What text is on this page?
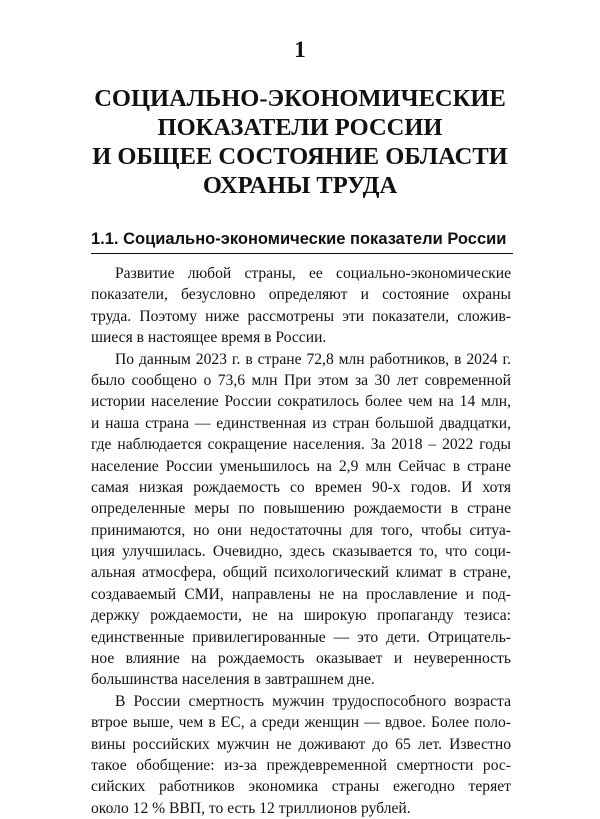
1
СОЦИАЛЬНО-ЭКОНОМИЧЕСКИЕ
ПОКАЗАТЕЛИ РОССИИ
И ОБЩЕЕ СОСТОЯНИЕ ОБЛАСТИ
ОХРАНЫ ТРУДА
1.1. Социально-экономические показатели России
Развитие любой страны, ее социально-экономические
показатели, безусловно определяют и состояние охраны
труда. Поэтому ниже рассмотрены эти показатели, сложив-
шиеся в настоящее время в России.
По данным 2023 г. в стране 72,8 млн работников, в 2024 г.
было сообщено о 73,6 млн При этом за 30 лет современной
истории население России сократилось более чем на 14 млн,
и наша страна — единственная из стран большой двадцатки,
где наблюдается сокращение населения. За 2018 – 2022 годы
население России уменьшилось на 2,9 млн Сейчас в стране
самая низкая рождаемость со времен 90-х годов. И хотя
определенные меры по повышению рождаемости в стране
принимаются, но они недостаточны для того, чтобы ситуа-
ция улучшилась. Очевидно, здесь сказывается то, что соци-
альная атмосфера, общий психологический климат в стране,
создаваемый СМИ, направлены не на прославление и под-
держку рождаемости, не на широкую пропаганду тезиса:
единственные привилегированные — это дети. Отрицатель-
ное влияние на рождаемость оказывает и неуверенность
большинства населения в завтрашнем дне.
В России смертность мужчин трудоспособного возраста
втрое выше, чем в ЕС, а среди женщин — вдвое. Более поло-
вины российских мужчин не доживают до 65 лет. Известно
такое обобщение: из-за преждевременной смертности рос-
сийских работников экономика страны ежегодно теряет
около 12 % ВВП, то есть 12 триллионов рублей.
